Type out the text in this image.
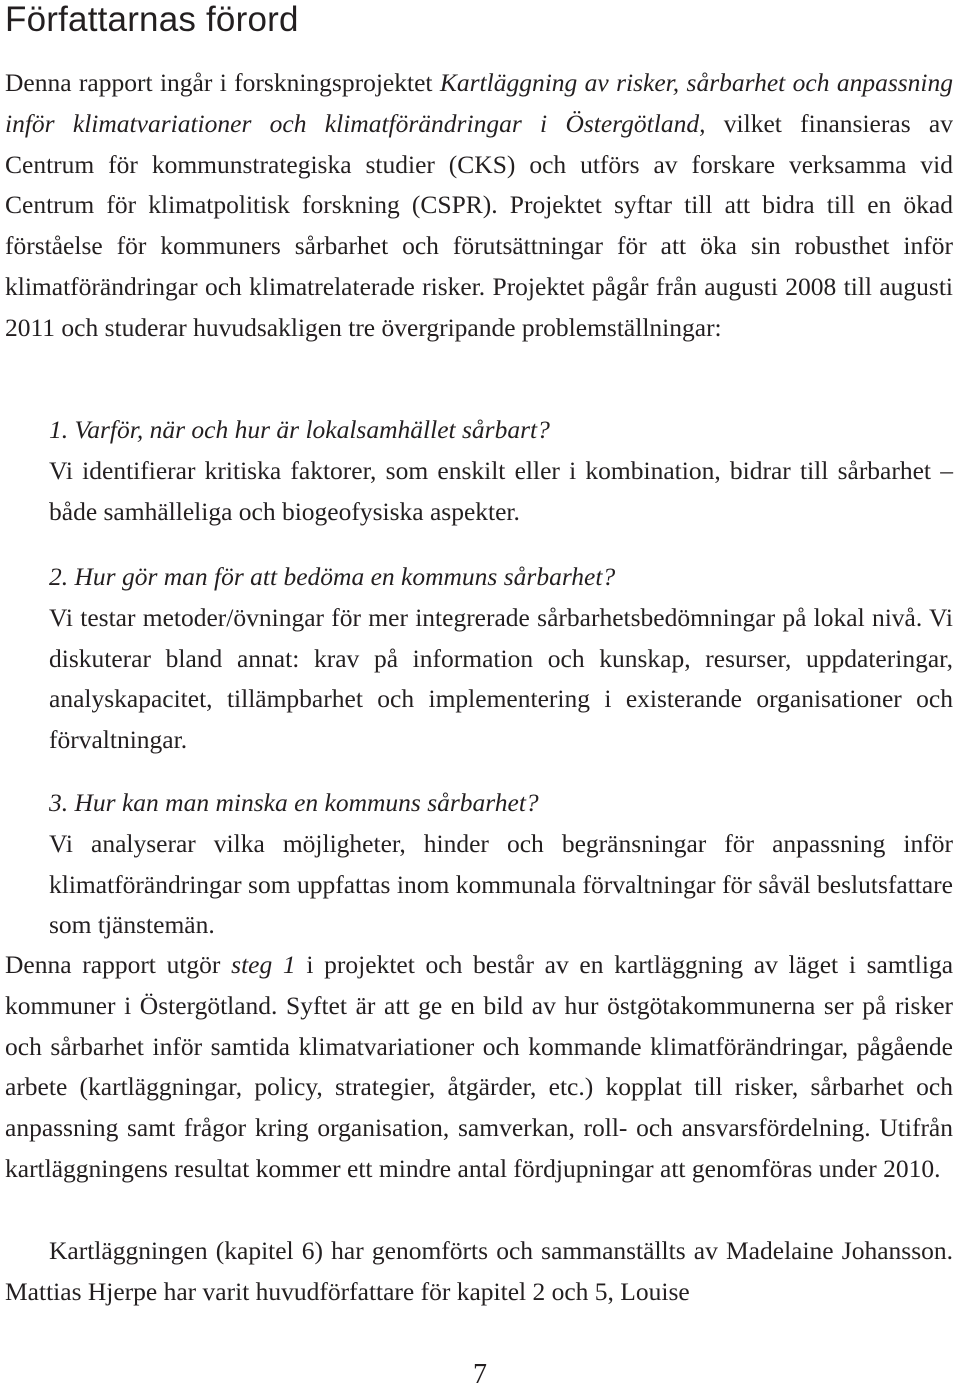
Författarnas förord

Denna rapport ingår i forskningsprojektet Kartläggning av risker, sårbarhet och anpassning inför klimatvariationer och klimatförändringar i Östergötland, vilket finansieras av Centrum för kommunstrategiska studier (CKS) och utförs av forskare verksamma vid Centrum för klimatpolitisk forskning (CSPR). Projektet syftar till att bidra till en ökad förståelse för kommuners sårbarhet och förutsättningar för att öka sin robusthet inför klimatförändringar och klimatrelaterade risker. Projektet pågår från augusti 2008 till augusti 2011 och studerar huvudsakligen tre övergripande problemställningar:

1. Varför, när och hur är lokalsamhället sårbart?

Vi identifierar kritiska faktorer, som enskilt eller i kombination, bidrar till sårbarhet – både samhälleliga och biogeofysiska aspekter.

2. Hur gör man för att bedöma en kommuns sårbarhet?

Vi testar metoder/övningar för mer integrerade sårbarhetsbedömningar på lokal nivå. Vi diskuterar bland annat: krav på information och kunskap, resurser, uppdateringar, analyskapacitet, tillämpbarhet och implementering i existerande organisationer och förvaltningar.

3. Hur kan man minska en kommuns sårbarhet?

Vi analyserar vilka möjligheter, hinder och begränsningar för anpassning inför klimatförändringar som uppfattas inom kommunala förvaltningar för såväl beslutsfattare som tjänstemän.

Denna rapport utgör steg 1 i projektet och består av en kartläggning av läget i samtliga kommuner i Östergötland. Syftet är att ge en bild av hur östgötakommunerna ser på risker och sårbarhet inför samtida klimatvariationer och kommande klimatförändringar, pågående arbete (kartläggningar, policy, strategier, åtgärder, etc.) kopplat till risker, sårbarhet och anpassning samt frågor kring organisation, samverkan, roll- och ansvarsfördelning. Utifrån kartläggningens resultat kommer ett mindre antal fördjupningar att genomföras under 2010.

Kartläggningen (kapitel 6) har genomförts och sammanställts av Madelaine Johansson. Mattias Hjerpe har varit huvudförfattare för kapitel 2 och 5, Louise

7
